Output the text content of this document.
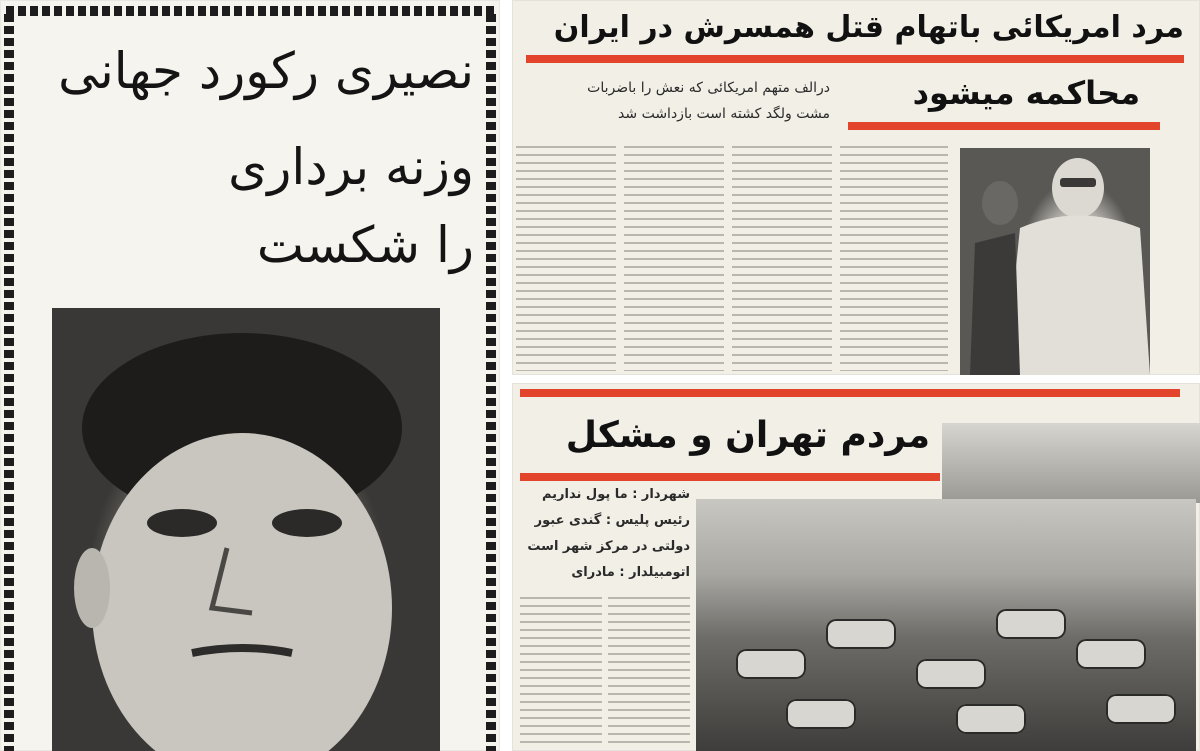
نصیری رکورد جهانی
وزنه برداری
را شکست
مرد امریکائی باتهام قتل همسرش در ایران
محاکمه میشود
درالف متهم امریکائی که نعش را باضربات
مشت ولگد کشته است بازداشت شد
مردم تهران و مشکل
شهردار : ما پول نداریم
رئیس پلیس : گندی عبور
دولتی در مرکز شهر است
اتومبیلدار : مادرای
